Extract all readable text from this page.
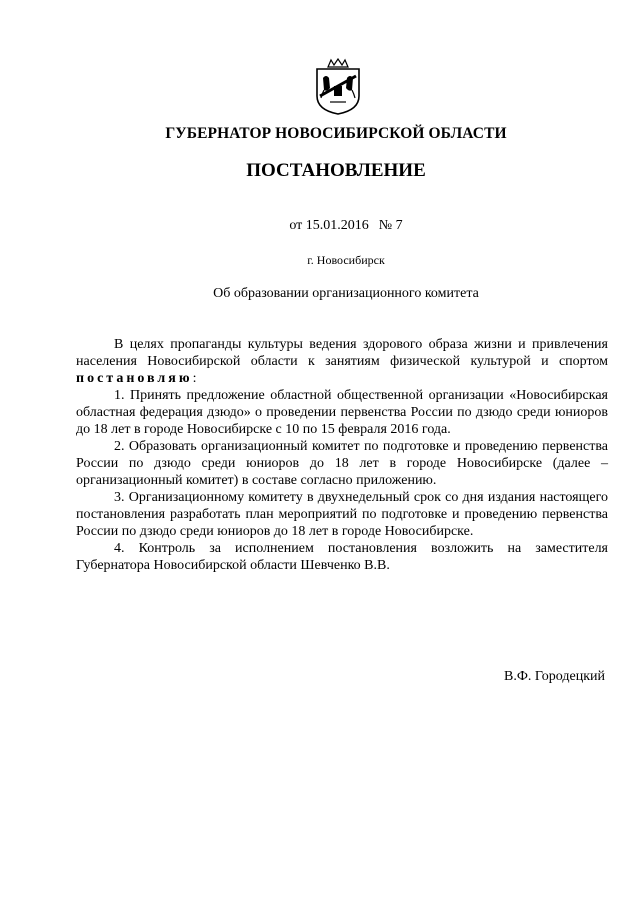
ГУБЕРНАТОР НОВОСИБИРСКОЙ ОБЛАСТИ
ПОСТАНОВЛЕНИЕ
от 15.01.2016 № 7
г. Новосибирск
Об образовании организационного комитета

В целях пропаганды культуры ведения здорового образа жизни и привлечения населения Новосибирской области к занятиям физической культурой и спортом постановляю:

1. Принять предложение областной общественной организации «Новосибирская областная федерация дзюдо» о проведении первенства России по дзюдо среди юниоров до 18 лет в городе Новосибирске с 10 по 15 февраля 2016 года.

2. Образовать организационный комитет по подготовке и проведению первенства России по дзюдо среди юниоров до 18 лет в городе Новосибирске (далее – организационный комитет) в составе согласно приложению.

3. Организационному комитету в двухнедельный срок со дня издания настоящего постановления разработать план мероприятий по подготовке и проведению первенства России по дзюдо среди юниоров до 18 лет в городе Новосибирске.

4. Контроль за исполнением постановления возложить на заместителя Губернатора Новосибирской области Шевченко В.В.

В.Ф. Городецкий
